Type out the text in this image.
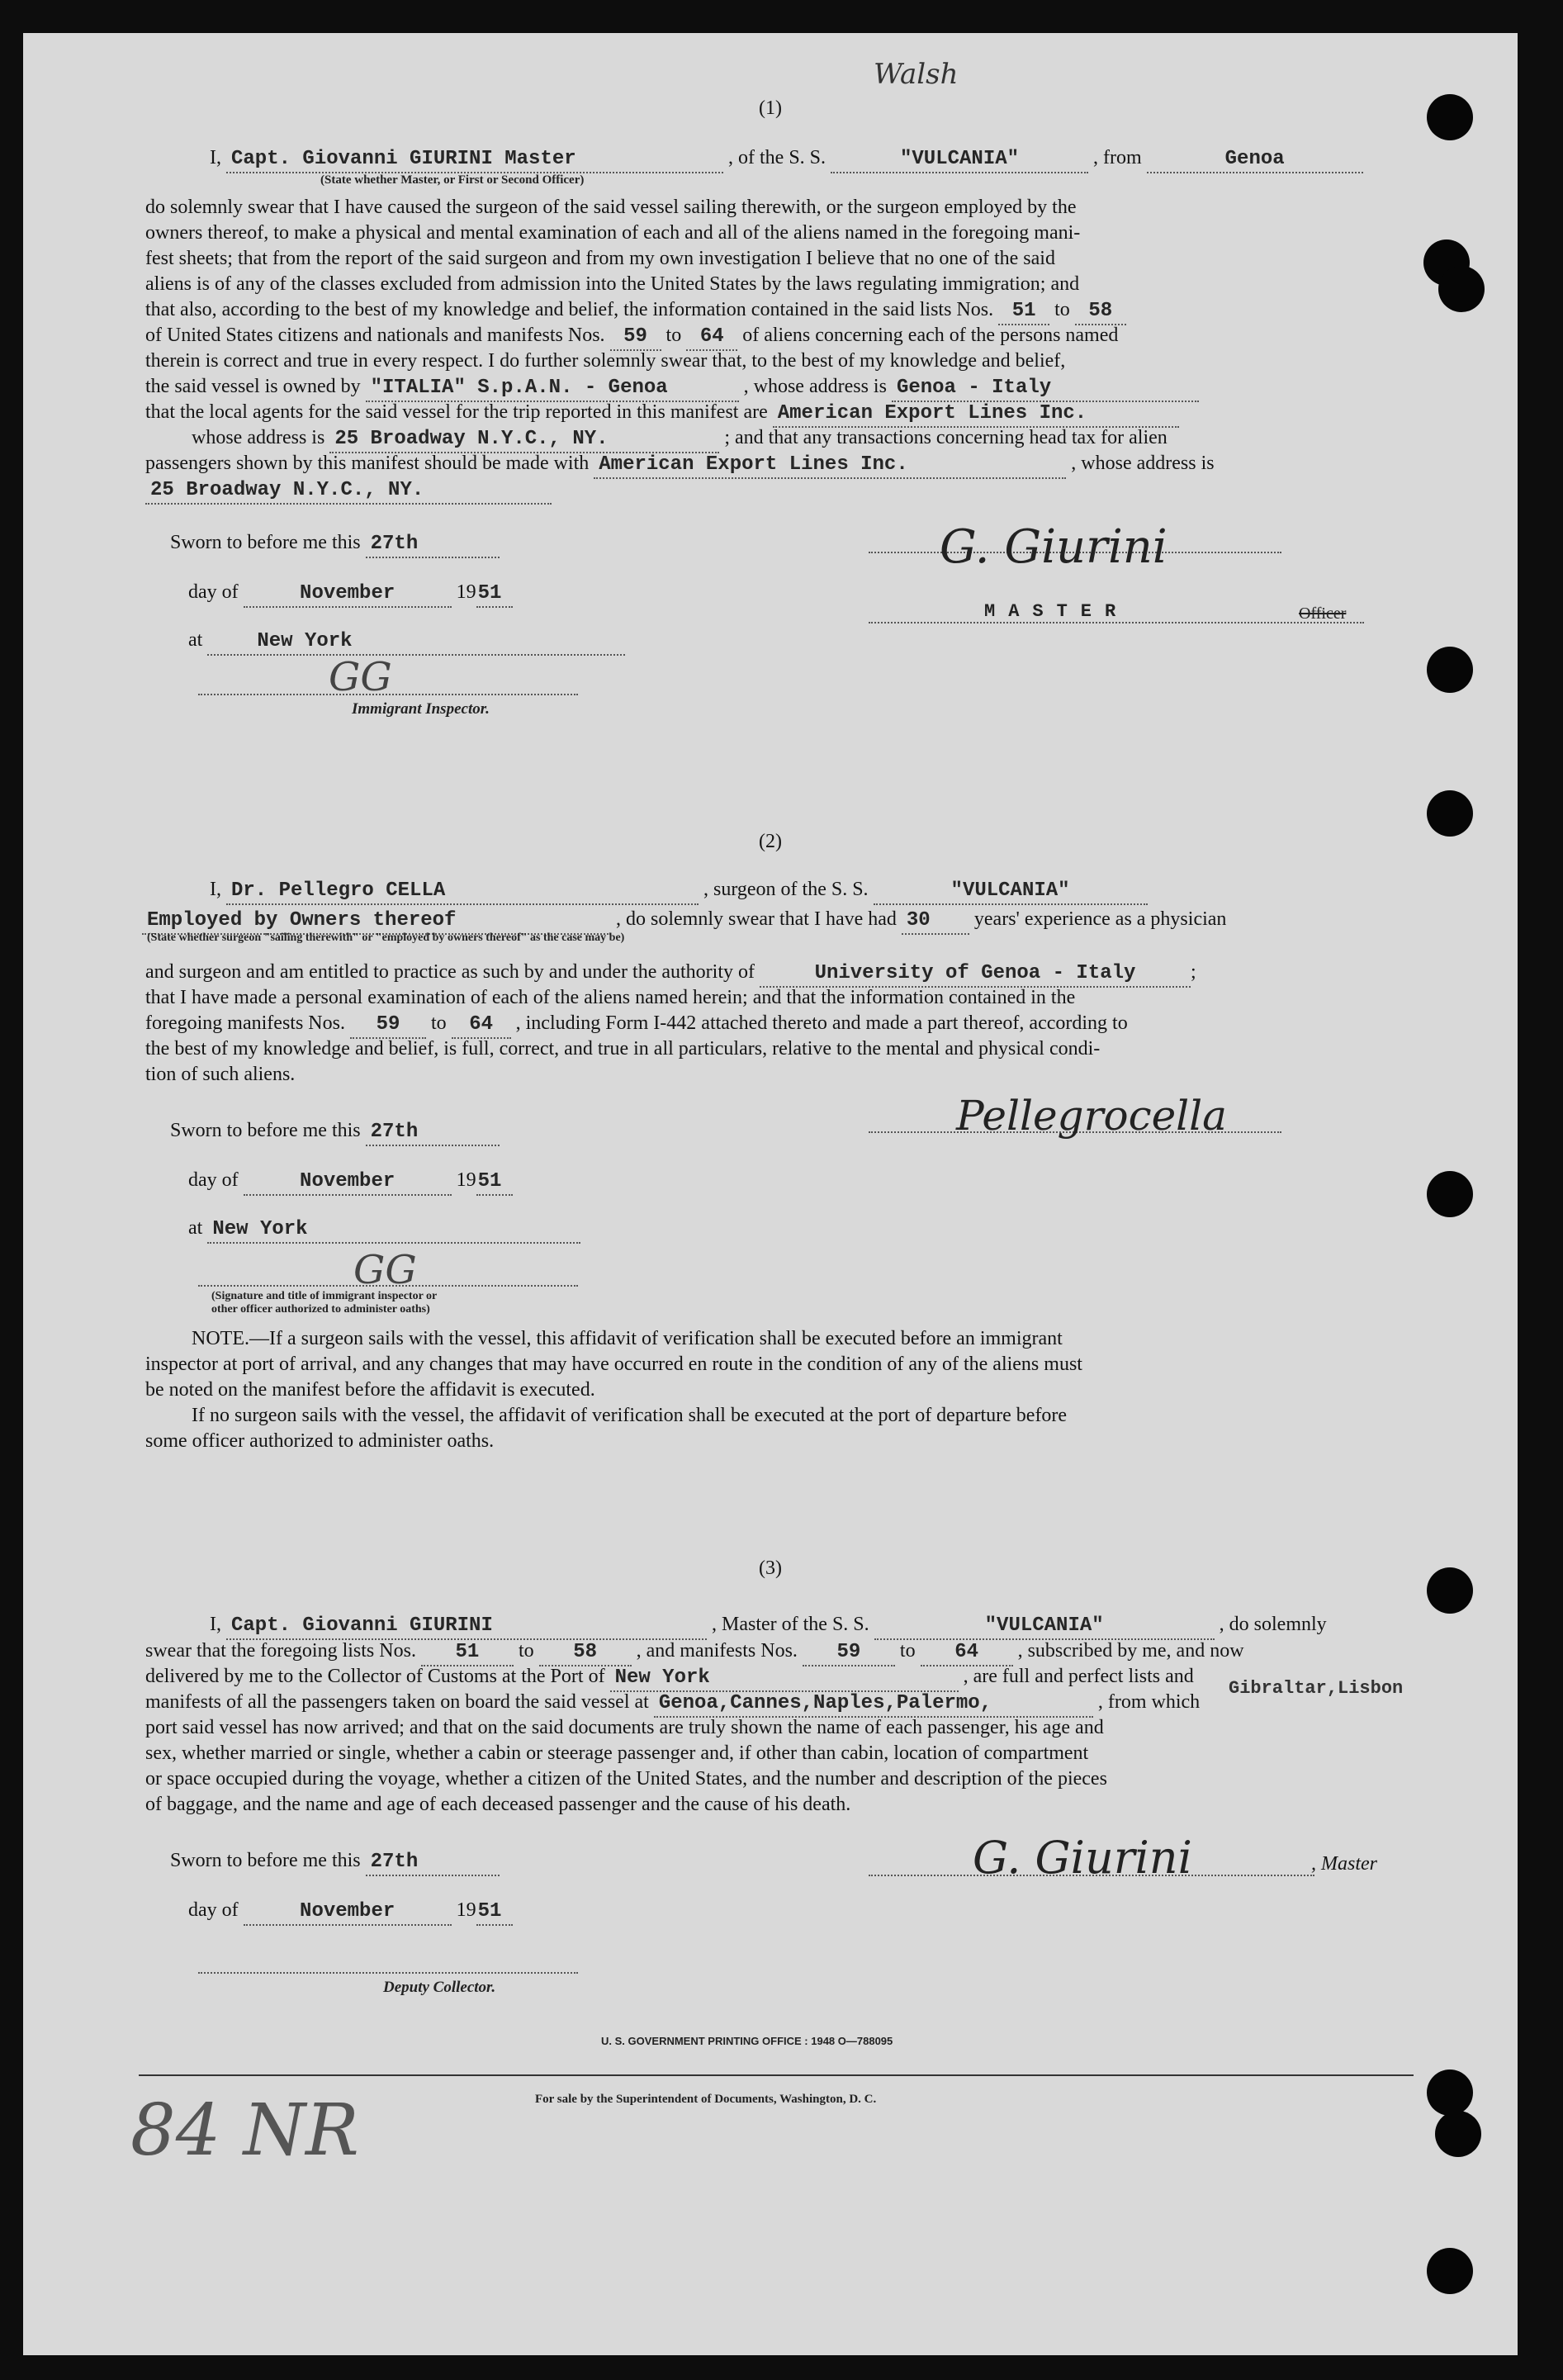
Walsh
(1)
I, Capt. Giovanni GIURINI Master	, of the S. S.	"VULCANIA"	, from	Genoa
(State whether Master, or First or Second Officer)
do solemnly swear that I have caused the surgeon of the said vessel sailing therewith, or the surgeon employed by the
owners thereof, to make a physical and mental examination of each and all of the aliens named in the foregoing mani-
fest sheets; that from the report of the said surgeon and from my own investigation I believe that no one of the said
aliens is of any of the classes excluded from admission into the United States by the laws regulating immigration; and
that also, according to the best of my knowledge and belief, the information contained in the said lists Nos. 51 to 58
of United States citizens and nationals and manifests Nos. 59 to 64 of aliens concerning each of the persons named
therein is correct and true in every respect. I do further solemnly swear that, to the best of my knowledge and belief,
the said vessel is owned by "ITALIA" S.p.A.N. - Genoa	, whose address is Genoa - Italy
that the local agents for the said vessel for the trip reported in this manifest are American Export Lines Inc.
whose address is 25 Broadway N.Y.C., NY.	; and that any transactions concerning head tax for alien
passengers shown by this manifest should be made with American Export Lines Inc.	, whose address is
25 Broadway N.Y.C., NY.
Sworn to before me this 27th
day of	November	1951
at	New York
G. Giurini
MASTER	Officer
GG​
Immigrant Inspector.
(2)
I, Dr. Pellegro CELLA	, surgeon of the S. S.	"VULCANIA"
Employed by Owners thereof	, do solemnly swear that I have had 30 years' experience as a physician
(State whether surgeon "sailing therewith" or "employed by owners thereof" as the case may be)
and surgeon and am entitled to practice as such by and under the authority of	University of Genoa - Italy	;
that I have made a personal examination of each of the aliens named herein; and that the information contained in the
foregoing manifests Nos. 59 to 64 , including Form I-442 attached thereto and made a part thereof, according to
the best of my knowledge and belief, is full, correct, and true in all particulars, relative to the mental and physical condi-
tion of such aliens.
Sworn to before me this 27th
day of	November	1951
at New York
Pellegrocella
GG​
(Signature and title of immigrant inspector or
other officer authorized to administer oaths)
NOTE.—If a surgeon sails with the vessel, this affidavit of verification shall be executed before an immigrant
inspector at port of arrival, and any changes that may have occurred en route in the condition of any of the aliens must
be noted on the manifest before the affidavit is executed.
If no surgeon sails with the vessel, the affidavit of verification shall be executed at the port of departure before
some officer authorized to administer oaths.
(3)
I, Capt. Giovanni GIURINI	, Master of the S. S.	"VULCANIA"	, do solemnly
swear that the foregoing lists Nos. 51 to 58 , and manifests Nos. 59 to 64 , subscribed by me, and now
delivered by me to the Collector of Customs at the Port of New York	, are full and perfect lists and
Gibraltar,Lisbon
manifests of all the passengers taken on board the said vessel at Genoa,Cannes,Naples,Palermo,	, from which
port said vessel has now arrived; and that on the said documents are truly shown the name of each passenger, his age and
sex, whether married or single, whether a cabin or steerage passenger and, if other than cabin, location of compartment
or space occupied during the voyage, whether a citizen of the United States, and the number and description of the pieces
of baggage, and the name and age of each deceased passenger and the cause of his death.
Sworn to before me this 27th
day of	November	1951
Deputy Collector.
G. Giurini	, Master
U. S. GOVERNMENT PRINTING OFFICE : 1948 O—788095
For sale by the Superintendent of Documents, Washington, D. C.
84 NR
